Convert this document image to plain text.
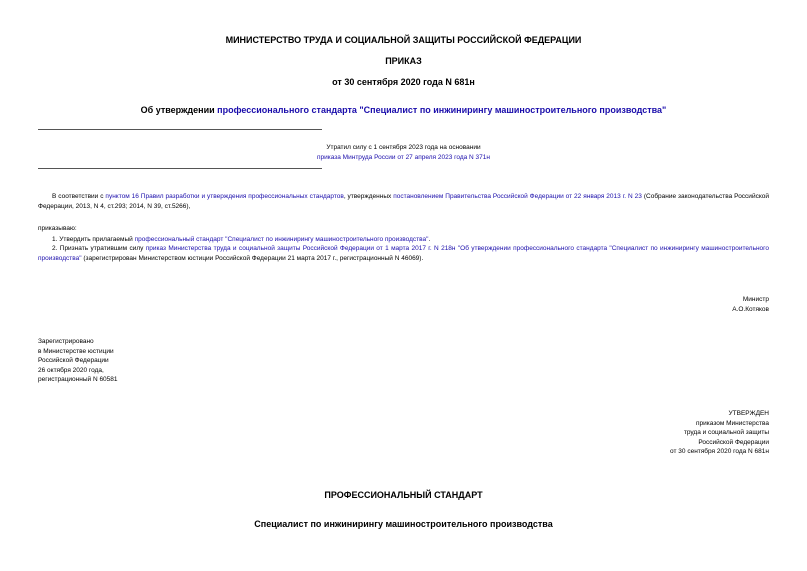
МИНИСТЕРСТВО ТРУДА И СОЦИАЛЬНОЙ ЗАЩИТЫ РОССИЙСКОЙ ФЕДЕРАЦИИ
ПРИКАЗ
от 30 сентября 2020 года N 681н
Об утверждении профессионального стандарта "Специалист по инжинирингу машиностроительного производства"
Утратил силу с 1 сентября 2023 года на основании
приказа Минтруда России от 27 апреля 2023 года N 371н
В соответствии с пунктом 16 Правил разработки и утверждения профессиональных стандартов, утвержденных постановлением Правительства Российской Федерации от 22 января 2013 г. N 23 (Собрание законодательства Российской Федерации, 2013, N 4, ст.293; 2014, N 39, ст.5266),
приказываю:
1. Утвердить прилагаемый профессиональный стандарт "Специалист по инжинирингу машиностроительного производства".
2. Признать утратившим силу приказ Министерства труда и социальной защиты Российской Федерации от 1 марта 2017 г. N 218н "Об утверждении профессионального стандарта "Специалист по инжинирингу машиностроительного производства" (зарегистрирован Министерством юстиции Российской Федерации 21 марта 2017 г., регистрационный N 46069).
Министр
А.О.Котяков
Зарегистрировано
в Министерстве юстиции
Российской Федерации
26 октября 2020 года,
регистрационный N 60581
УТВЕРЖДЕН
приказом Министерства
труда и социальной защиты
Российской Федерации
от 30 сентября 2020 года N 681н
ПРОФЕССИОНАЛЬНЫЙ СТАНДАРТ
Специалист по инжинирингу машиностроительного производства
